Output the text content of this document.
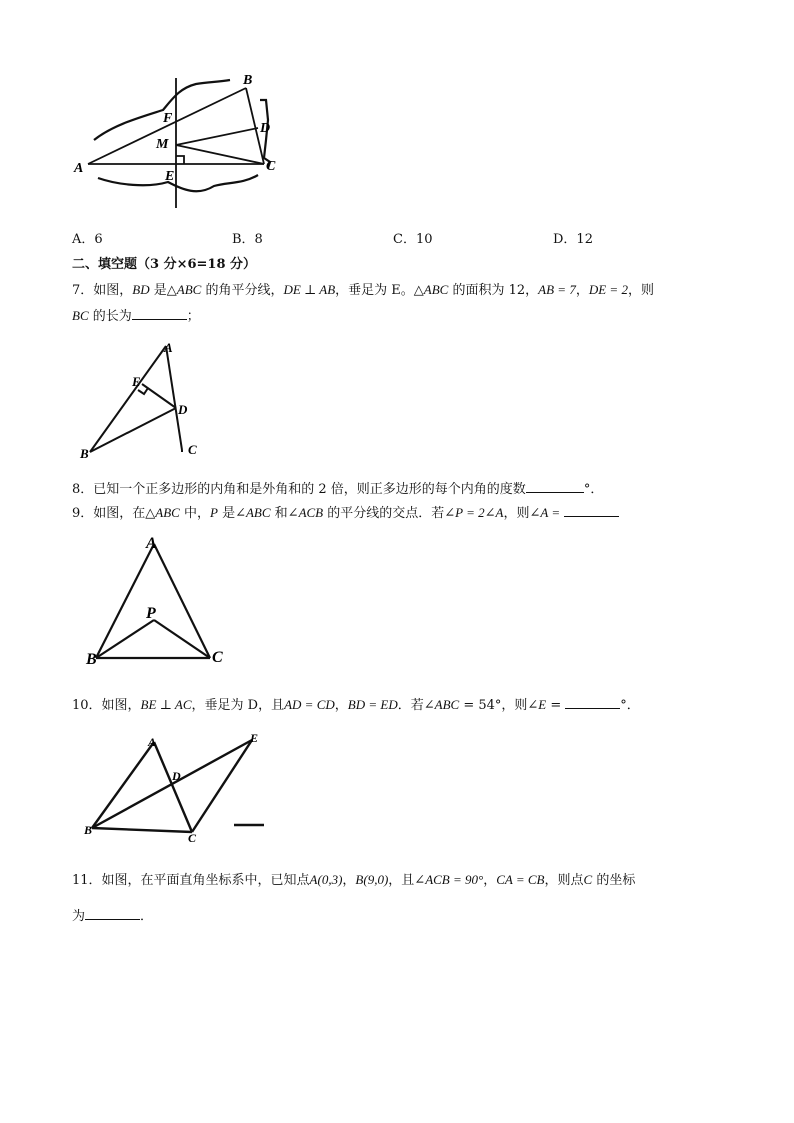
A
B
C
D
E
F
M
A．6	B．8	C．10	D．12
二、填空题（3 分×6=18 分）
7．如图，BD 是△ABC 的角平分线，DE ⊥ AB，垂足为 E。△ABC 的面积为 12，AB = 7，DE = 2，则
BC 的长为	；
A
B	C
D
E
8．已知一个正多边形的内角和是外角和的 2 倍，则正多边形的每个内角的度数	°．
9．如图，在△ABC 中，P 是∠ABC 和∠ACB 的平分线的交点．若∠P = 2∠A，则∠A =
A
B	C
P
10．如图，BE ⊥ AC，垂足为 D，且AD = CD，BD = ED．若∠ABC = 54°，则∠E =	°．
A
B
C
D
E
11．如图，在平面直角坐标系中，已知点A(0,3)，B(9,0)，且∠ACB = 90°，CA = CB，则点C 的坐标
为	．
